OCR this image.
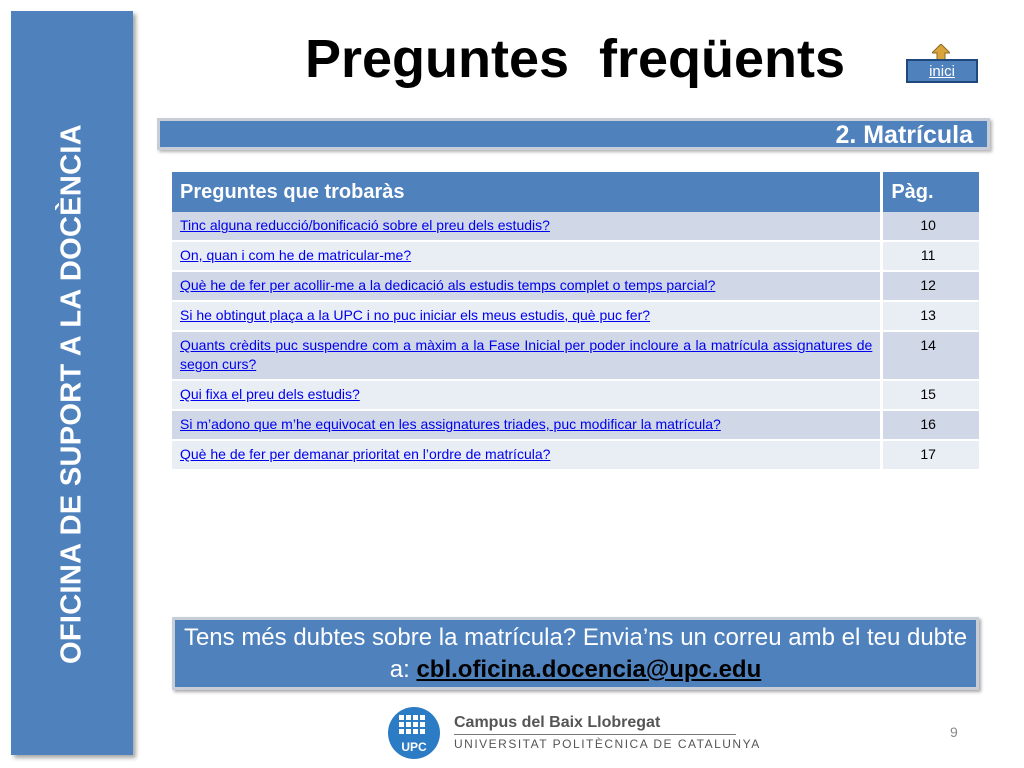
OFICINA DE SUPORT A LA DOCÈNCIA
Preguntes  freqüents	inici
2. Matrícula
Preguntes que trobaràs	Pàg.

Tinc alguna reducció/bonificació sobre el preu dels estudis?	10

On, quan i com he de matricular-me?	11

Què he de fer per acollir-me a la dedicació als estudis temps complet o temps parcial?	12

Si he obtingut plaça a la UPC i no puc iniciar els meus estudis, què puc fer?	13

Quants crèdits puc suspendre com a màxim a la Fase Inicial per poder incloure a la matrícula assignatures de segon curs?	14

Qui fixa el preu dels estudis?	15

Si m’adono que m’he equivocat en les assignatures triades, puc modificar la matrícula?	16

Què he de fer per demanar prioritat en l’ordre de matrícula?	17
Tens més dubtes sobre la matrícula? Envia’ns un correu amb el teu dubte a: cbl.oficina.docencia@upc.edu
UPC
Campus del Baix Llobregat
UNIVERSITAT POLITÈCNICA DE CATALUNYA
9
